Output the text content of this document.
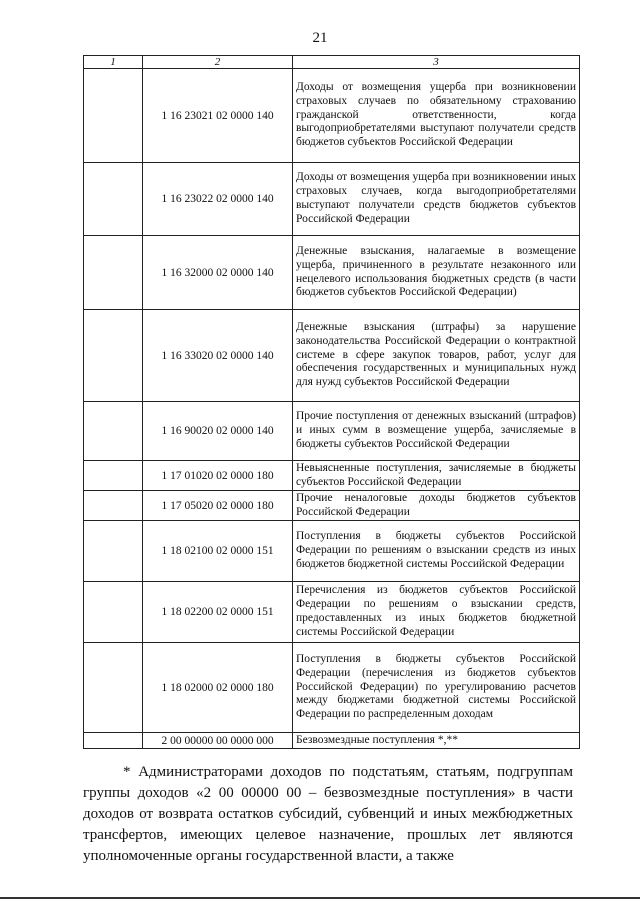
21
1	2	3
	1 16 23021 02 0000 140	Доходы от возмещения ущерба при возникновении страховых случаев по обязательному страхованию гражданской ответственности, когда выгодоприобретателями выступают получатели средств бюджетов субъектов Российской Федерации
	1 16 23022 02 0000 140	Доходы от возмещения ущерба при возникновении иных страховых случаев, когда выгодоприобретателями выступают получатели средств бюджетов субъектов Российской Федерации
	1 16 32000 02 0000 140	Денежные взыскания, налагаемые в возмещение ущерба, причиненного в результате незаконного или нецелевого использования бюджетных средств (в части бюджетов субъектов Российской Федерации)
	1 16 33020 02 0000 140	Денежные взыскания (штрафы) за нарушение законодательства Российской Федерации о контрактной системе в сфере закупок товаров, работ, услуг для обеспечения государственных и муниципальных нужд для нужд субъектов Российской Федерации
	1 16 90020 02 0000 140	Прочие поступления от денежных взысканий (штрафов) и иных сумм в возмещение ущерба, зачисляемые в бюджеты субъектов Российской Федерации
	1 17 01020 02 0000 180	Невыясненные поступления, зачисляемые в бюджеты субъектов Российской Федерации
	1 17 05020 02 0000 180	Прочие неналоговые доходы бюджетов субъектов Российской Федерации
	1 18 02100 02 0000 151	Поступления в бюджеты субъектов Российской Федерации по решениям о взыскании средств из иных бюджетов бюджетной системы Российской Федерации
	1 18 02200 02 0000 151	Перечисления из бюджетов субъектов Российской Федерации по решениям о взыскании средств, предоставленных из иных бюджетов бюджетной системы Российской Федерации
	1 18 02000 02 0000 180	Поступления в бюджеты субъектов Российской Федерации (перечисления из бюджетов субъектов Российской Федерации) по урегулированию расчетов между бюджетами бюджетной системы Российской Федерации по распределенным доходам
	2 00 00000 00 0000 000	Безвозмездные поступления *,**

* Администраторами доходов по подстатьям, статьям, подгруппам группы доходов «2 00 00000 00 – безвозмездные поступления» в части доходов от возврата остатков субсидий, субвенций и иных межбюджетных трансфертов, имеющих целевое назначение, прошлых лет являются уполномоченные органы государственной власти, а также
